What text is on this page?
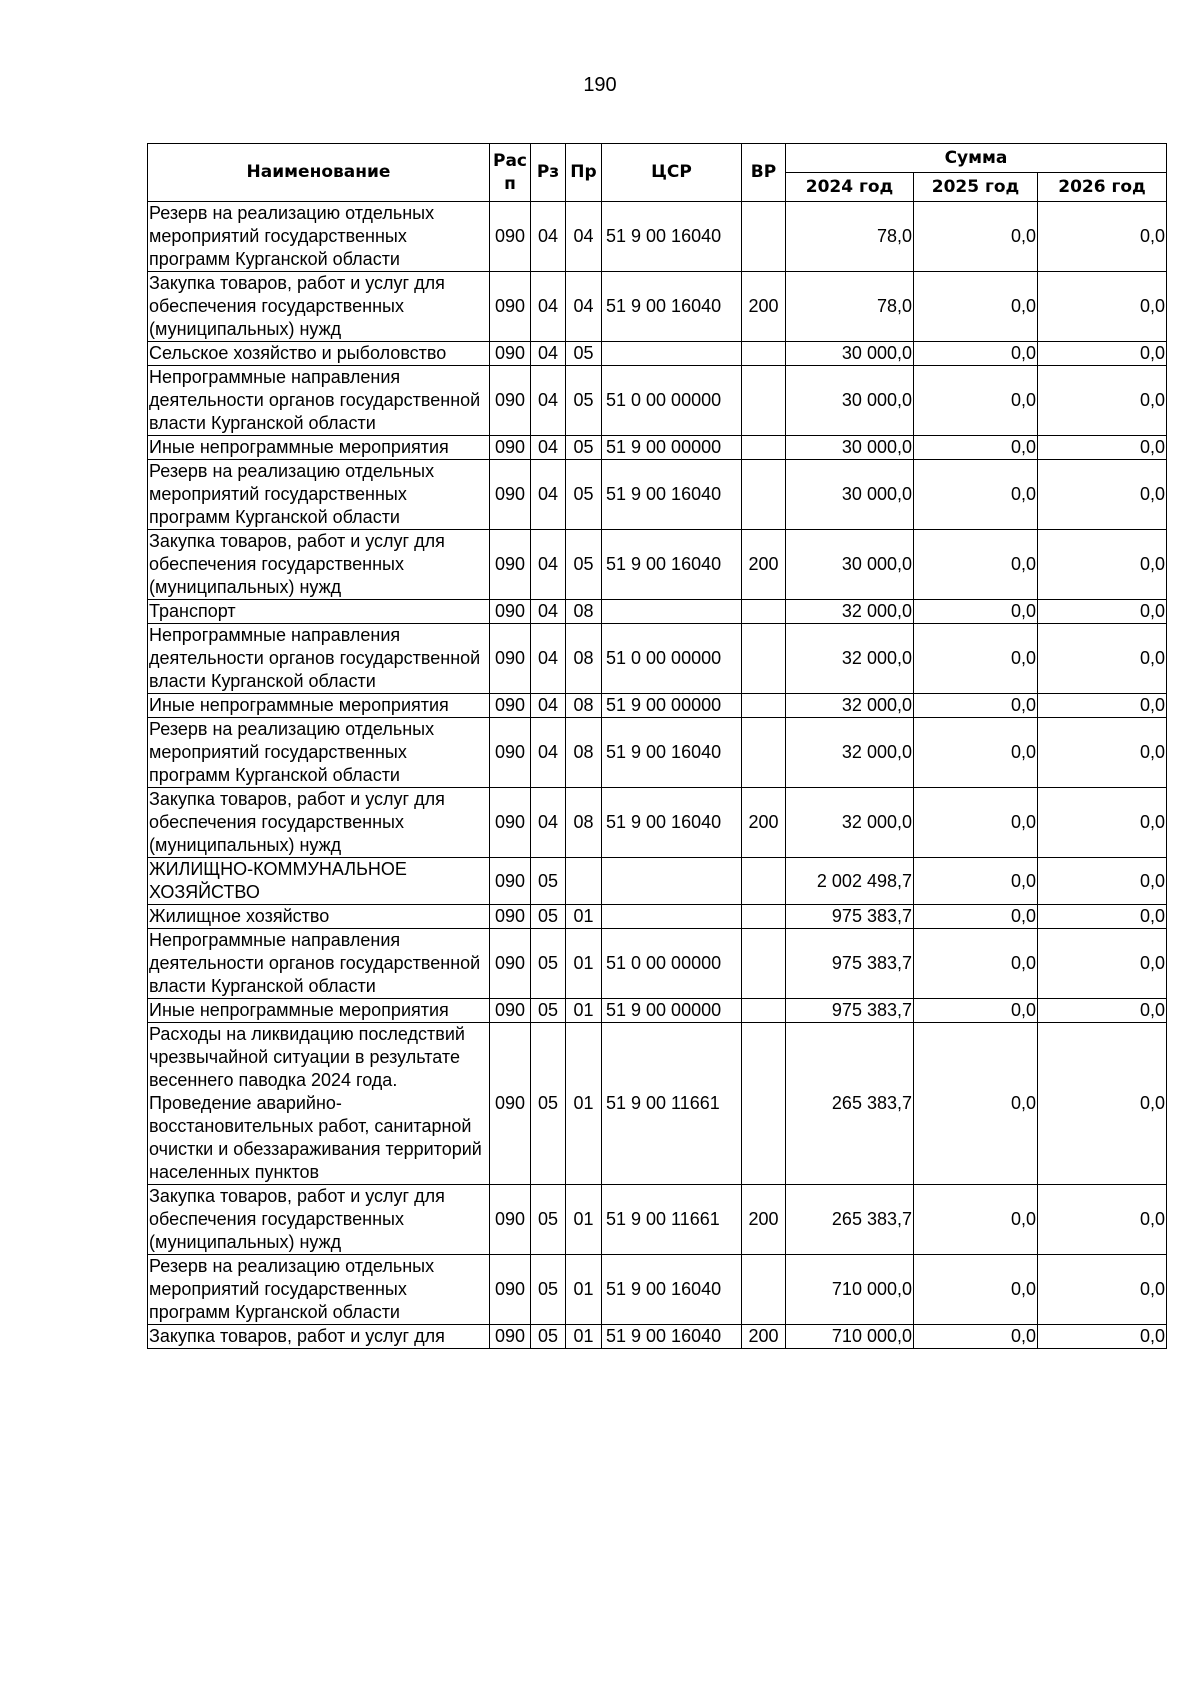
190
Наименование	Рас п	Рз	Пр	ЦСР	ВР	Сумма		
						2024 год	2025 год	2026 год
Резерв на реализацию отдельных мероприятий государственных программ Курганской области	090	04	04	51 9 00 16040		78,0	0,0	0,0
Закупка товаров, работ и услуг для обеспечения государственных (муниципальных) нужд	090	04	04	51 9 00 16040	200	78,0	0,0	0,0
Сельское хозяйство и рыболовство	090	04	05			30 000,0	0,0	0,0
Непрограммные направления деятельности органов государственной власти Курганской области	090	04	05	51 0 00 00000		30 000,0	0,0	0,0
Иные непрограммные мероприятия	090	04	05	51 9 00 00000		30 000,0	0,0	0,0
Резерв на реализацию отдельных мероприятий государственных программ Курганской области	090	04	05	51 9 00 16040		30 000,0	0,0	0,0
Закупка товаров, работ и услуг для обеспечения государственных (муниципальных) нужд	090	04	05	51 9 00 16040	200	30 000,0	0,0	0,0
Транспорт	090	04	08			32 000,0	0,0	0,0
Непрограммные направления деятельности органов государственной власти Курганской области	090	04	08	51 0 00 00000		32 000,0	0,0	0,0
Иные непрограммные мероприятия	090	04	08	51 9 00 00000		32 000,0	0,0	0,0
Резерв на реализацию отдельных мероприятий государственных программ Курганской области	090	04	08	51 9 00 16040		32 000,0	0,0	0,0
Закупка товаров, работ и услуг для обеспечения государственных (муниципальных) нужд	090	04	08	51 9 00 16040	200	32 000,0	0,0	0,0
ЖИЛИЩНО-КОММУНАЛЬНОЕ ХОЗЯЙСТВО	090	05				2 002 498,7	0,0	0,0
Жилищное хозяйство	090	05	01			975 383,7	0,0	0,0
Непрограммные направления деятельности органов государственной власти Курганской области	090	05	01	51 0 00 00000		975 383,7	0,0	0,0
Иные непрограммные мероприятия	090	05	01	51 9 00 00000		975 383,7	0,0	0,0
Расходы на ликвидацию последствий чрезвычайной ситуации в результате весеннего паводка 2024 года. Проведение аварийно-восстановительных работ, санитарной очистки и обеззараживания территорий населенных пунктов	090	05	01	51 9 00 11661		265 383,7	0,0	0,0
Закупка товаров, работ и услуг для обеспечения государственных (муниципальных) нужд	090	05	01	51 9 00 11661	200	265 383,7	0,0	0,0
Резерв на реализацию отдельных мероприятий государственных программ Курганской области	090	05	01	51 9 00 16040		710 000,0	0,0	0,0
Закупка товаров, работ и услуг для	090	05	01	51 9 00 16040	200	710 000,0	0,0	0,0
